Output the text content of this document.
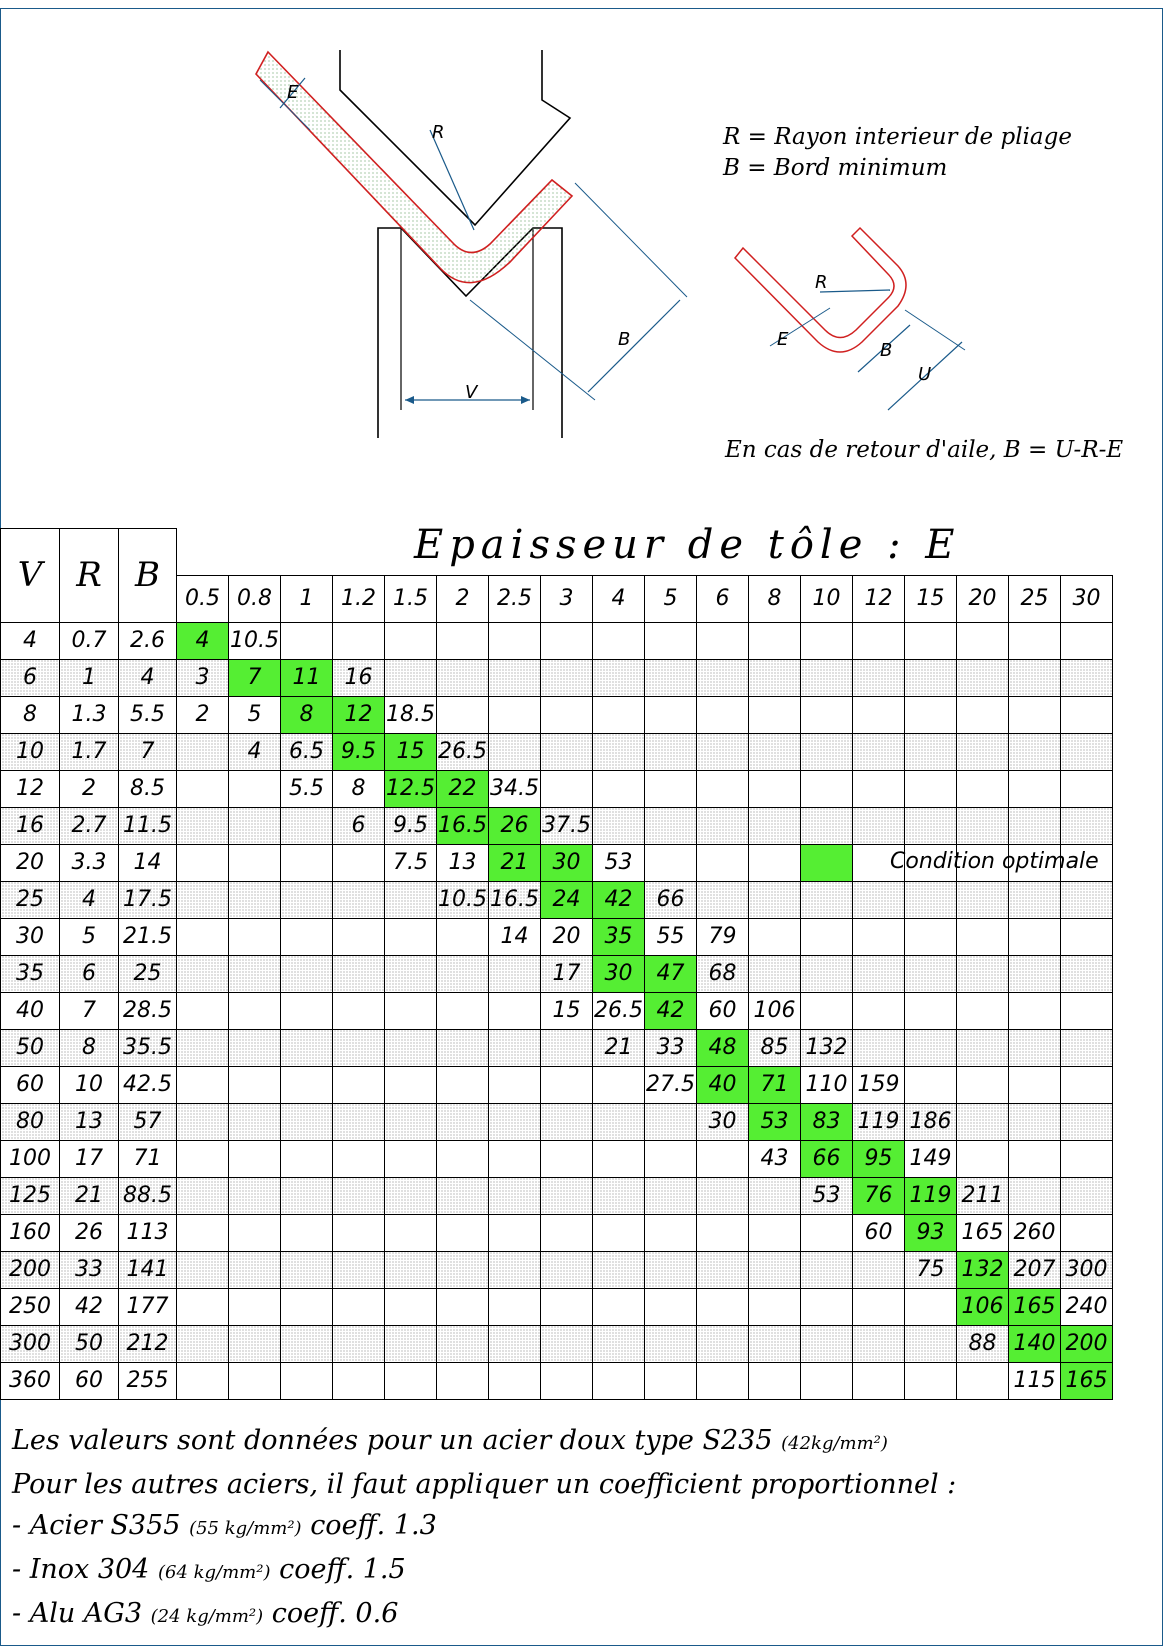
E
R
B
V
R
E
B
U
R = Rayon interieur de pliage
B = Bord minimum
En cas de retour d'aile, B = U-R-E
Epaisseur de tôle : E
V	R	B																		
			0.5	0.8	1	1.2	1.5	2	2.5	3	4	5	6	8	10	12	15	20	25	30
4	0.7	2.6	4	10.5																
6	1	4	3	7	11	16														
8	1.3	5.5	2	5	8	12	18.5													
10	1.7	7		4	6.5	9.5	15	26.5												
12	2	8.5			5.5	8	12.5	22	34.5											
16	2.7	11.5				6	9.5	16.5	26	37.5										
20	3.3	14					7.5	13	21	30	53									
25	4	17.5						10.5	16.5	24	42	66								
30	5	21.5							14	20	35	55	79							
35	6	25								17	30	47	68							
40	7	28.5								15	26.5	42	60	106						
50	8	35.5									21	33	48	85	132					
60	10	42.5										27.5	40	71	110	159				
80	13	57											30	53	83	119	186			
100	17	71												43	66	95	149			
125	21	88.5													53	76	119	211		
160	26	113														60	93	165	260	
200	33	141															75	132	207	300
250	42	177																106	165	240
300	50	212																88	140	200
360	60	255																	115	165
Condition optimale
Les valeurs sont données pour un acier doux type S235 (42kg/mm²)
Pour les autres aciers, il faut appliquer un coefficient proportionnel :
- Acier S355 (55 kg/mm²) coeff. 1.3
- Inox 304 (64 kg/mm²) coeff. 1.5
- Alu AG3 (24 kg/mm²) coeff. 0.6
